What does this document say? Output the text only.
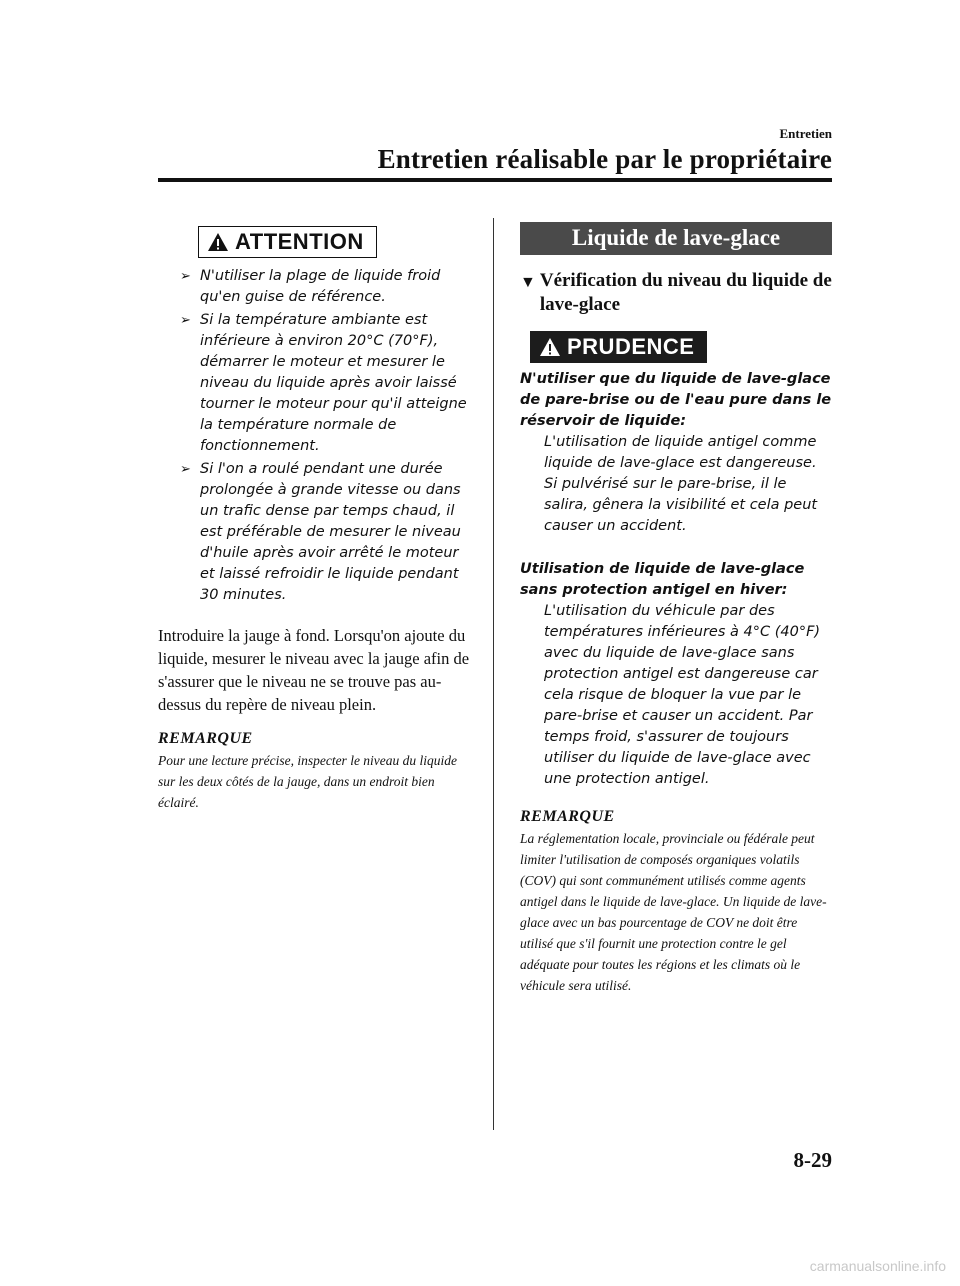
Entretien
Entretien réalisable par le propriétaire
ATTENTION
➢ N'utiliser la plage de liquide froid qu'en guise de référence.
➢ Si la température ambiante est inférieure à environ 20°C (70°F), démarrer le moteur et mesurer le niveau du liquide après avoir laissé tourner le moteur pour qu'il atteigne la température normale de fonctionnement.
➢ Si l'on a roulé pendant une durée prolongée à grande vitesse ou dans un trafic dense par temps chaud, il est préférable de mesurer le niveau d'huile après avoir arrêté le moteur et laissé refroidir le liquide pendant 30 minutes.
Introduire la jauge à fond. Lorsqu'on ajoute du liquide, mesurer le niveau avec la jauge afin de s'assurer que le niveau ne se trouve pas au-dessus du repère de niveau plein.
REMARQUE
Pour une lecture précise, inspecter le niveau du liquide sur les deux côtés de la jauge, dans un endroit bien éclairé.
Liquide de lave-glace
▼ Vérification du niveau du liquide de lave-glace
PRUDENCE
N'utiliser que du liquide de lave-glace de pare-brise ou de l'eau pure dans le réservoir de liquide:
L'utilisation de liquide antigel comme liquide de lave-glace est dangereuse. Si pulvérisé sur le pare-brise, il le salira, gênera la visibilité et cela peut causer un accident.
Utilisation de liquide de lave-glace sans protection antigel en hiver:
L'utilisation du véhicule par des températures inférieures à 4°C (40°F) avec du liquide de lave-glace sans protection antigel est dangereuse car cela risque de bloquer la vue par le pare-brise et causer un accident. Par temps froid, s'assurer de toujours utiliser du liquide de lave-glace avec une protection antigel.
REMARQUE
La réglementation locale, provinciale ou fédérale peut limiter l'utilisation de composés organiques volatils (COV) qui sont communément utilisés comme agents antigel dans le liquide de lave-glace. Un liquide de lave-glace avec un bas pourcentage de COV ne doit être utilisé que s'il fournit une protection contre le gel adéquate pour toutes les régions et les climats où le véhicule sera utilisé.
8-29
carmanualsonline.info
